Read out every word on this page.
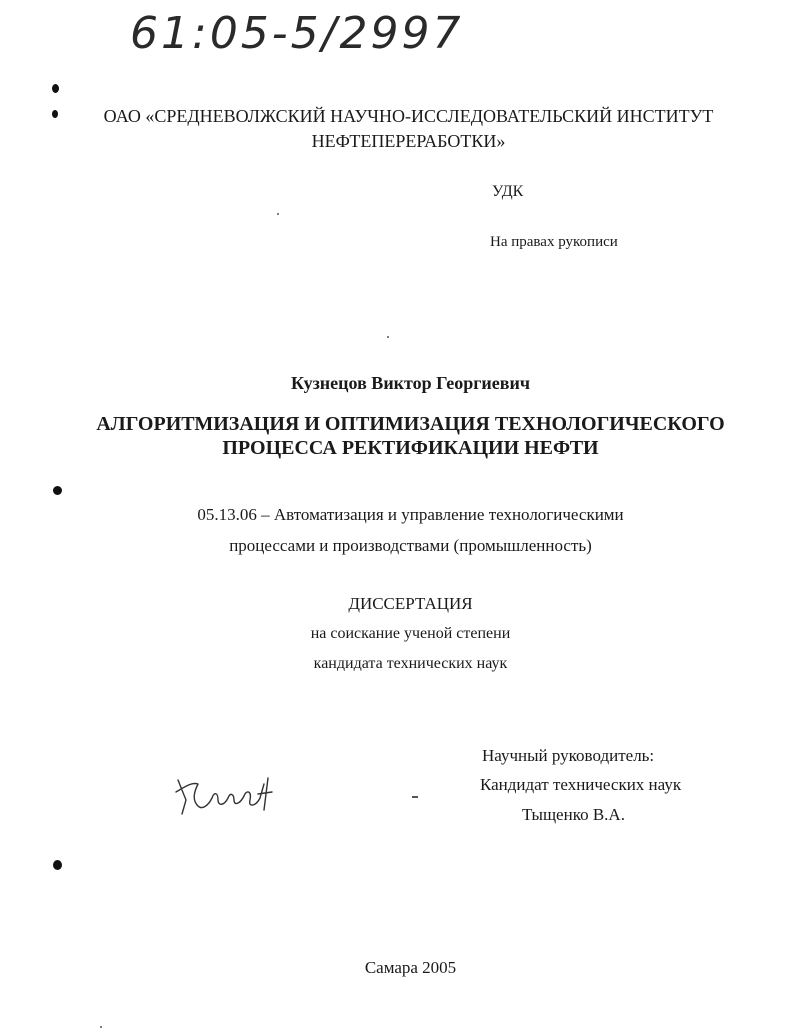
61:05-5/2997
ОАО «СРЕДНЕВОЛЖСКИЙ НАУЧНО-ИССЛЕДОВАТЕЛЬСКИЙ ИНСТИТУТ
НЕФТЕПЕРЕРАБОТКИ»
УДК
На правах рукописи
Кузнецов Виктор Георгиевич
АЛГОРИТМИЗАЦИЯ И ОПТИМИЗАЦИЯ ТЕХНОЛОГИЧЕСКОГО
ПРОЦЕССА РЕКТИФИКАЦИИ НЕФТИ
05.13.06 – Автоматизация и управление технологическими
процессами и производствами (промышленность)
ДИССЕРТАЦИЯ
на соискание ученой степени
кандидата технических наук
Научный руководитель:
Кандидат технических наук
Тыщенко В.А.
Самара 2005
